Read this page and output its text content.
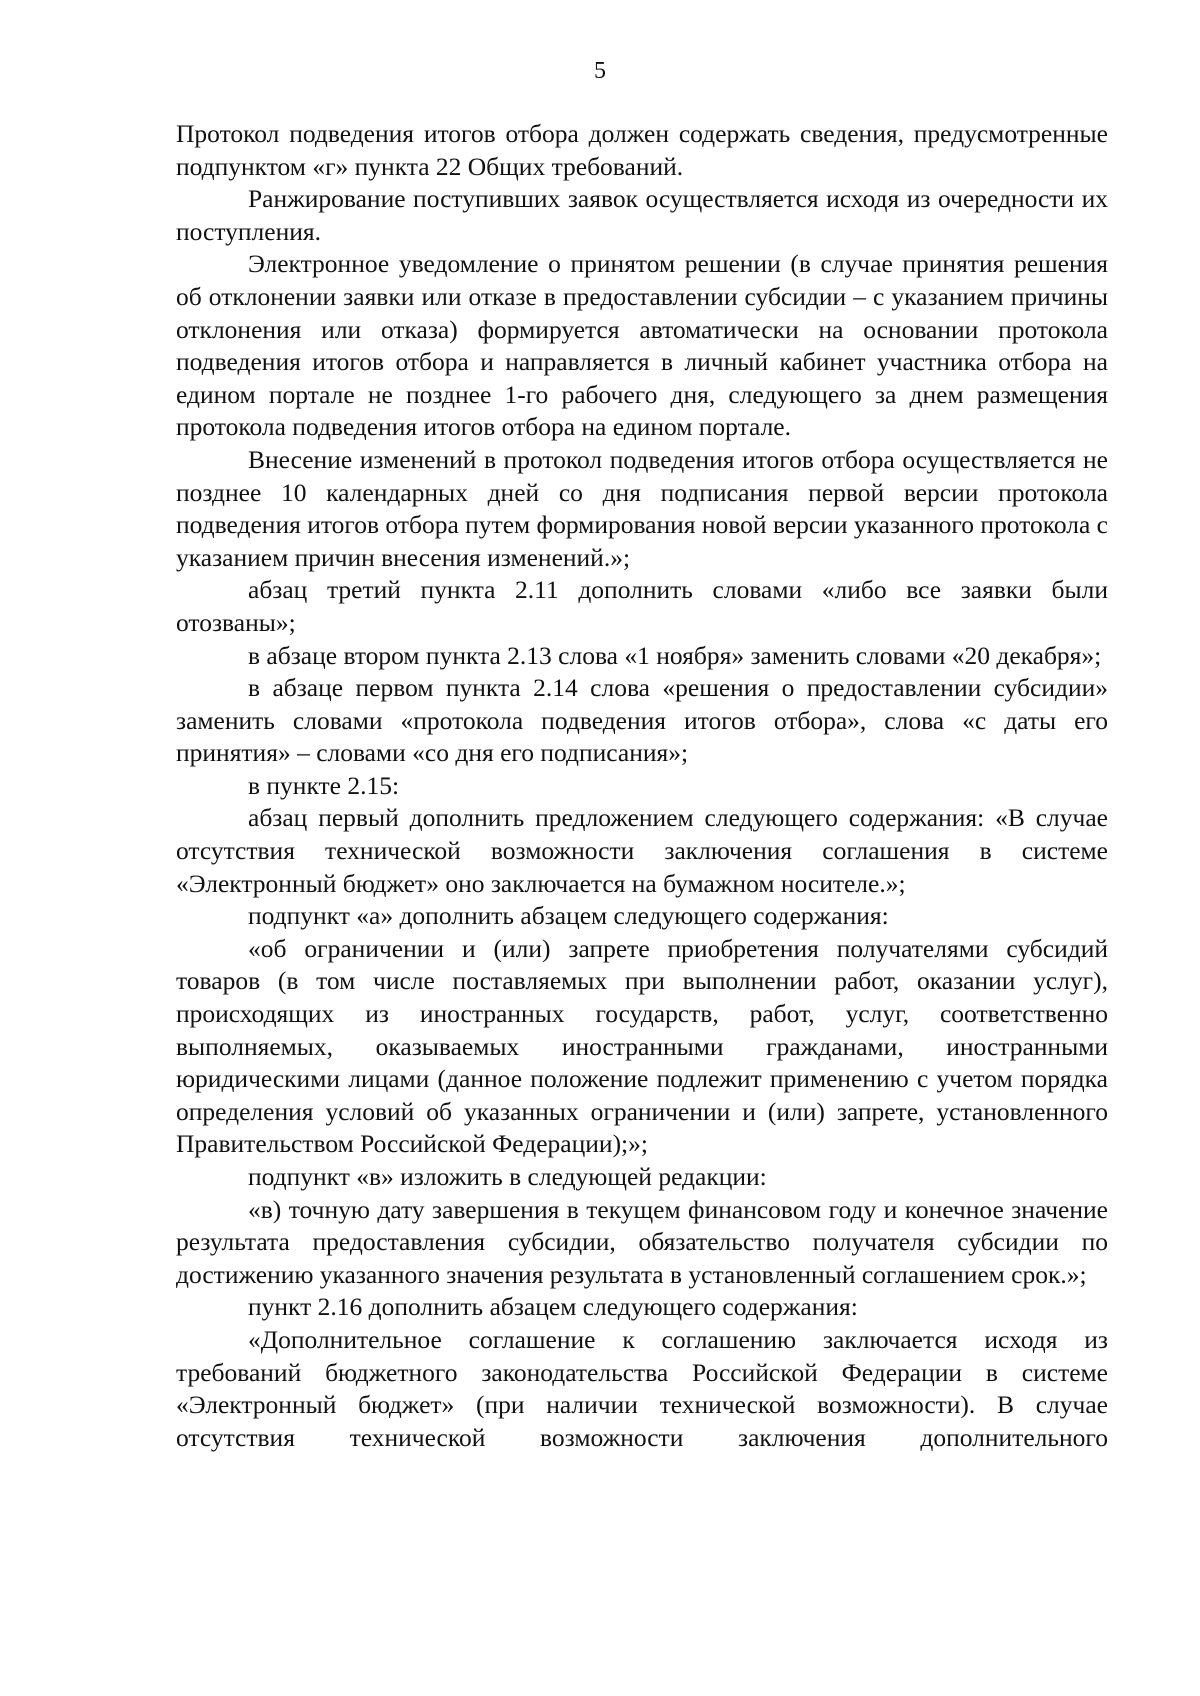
5

Протокол подведения итогов отбора должен содержать сведения, предусмотренные подпунктом «г» пункта 22 Общих требований.

Ранжирование поступивших заявок осуществляется исходя из очередности их поступления.

Электронное уведомление о принятом решении (в случае принятия решения об отклонении заявки или отказе в предоставлении субсидии – с указанием причины отклонения или отказа) формируется автоматически на основании протокола подведения итогов отбора и направляется в личный кабинет участника отбора на едином портале не позднее 1-го рабочего дня, следующего за днем размещения протокола подведения итогов отбора на едином портале.

Внесение изменений в протокол подведения итогов отбора осуществляется не позднее 10 календарных дней со дня подписания первой версии протокола подведения итогов отбора путем формирования новой версии указанного протокола с указанием причин внесения изменений.»;

абзац третий пункта 2.11 дополнить словами «либо все заявки были отозваны»;

в абзаце втором пункта 2.13 слова «1 ноября» заменить словами «20 декабря»;

в абзаце первом пункта 2.14 слова «решения о предоставлении субсидии» заменить словами «протокола подведения итогов отбора», слова «с даты его принятия» – словами «со дня его подписания»;

в пункте 2.15:

абзац первый дополнить предложением следующего содержания: «В случае отсутствия технической возможности заключения соглашения в системе «Электронный бюджет» оно заключается на бумажном носителе.»;

подпункт «а» дополнить абзацем следующего содержания:

«об ограничении и (или) запрете приобретения получателями субсидий товаров (в том числе поставляемых при выполнении работ, оказании услуг), происходящих из иностранных государств, работ, услуг, соответственно выполняемых, оказываемых иностранными гражданами, иностранными юридическими лицами (данное положение подлежит применению с учетом порядка определения условий об указанных ограничении и (или) запрете, установленного Правительством Российской Федерации);»;

подпункт «в» изложить в следующей редакции:

«в) точную дату завершения в текущем финансовом году и конечное значение результата предоставления субсидии, обязательство получателя субсидии по достижению указанного значения результата в установленный соглашением срок.»;

пункт 2.16 дополнить абзацем следующего содержания:

«Дополнительное соглашение к соглашению заключается исходя из требований бюджетного законодательства Российской Федерации в системе «Электронный бюджет» (при наличии технической возможности). В случае отсутствия технической возможности заключения дополнительного
